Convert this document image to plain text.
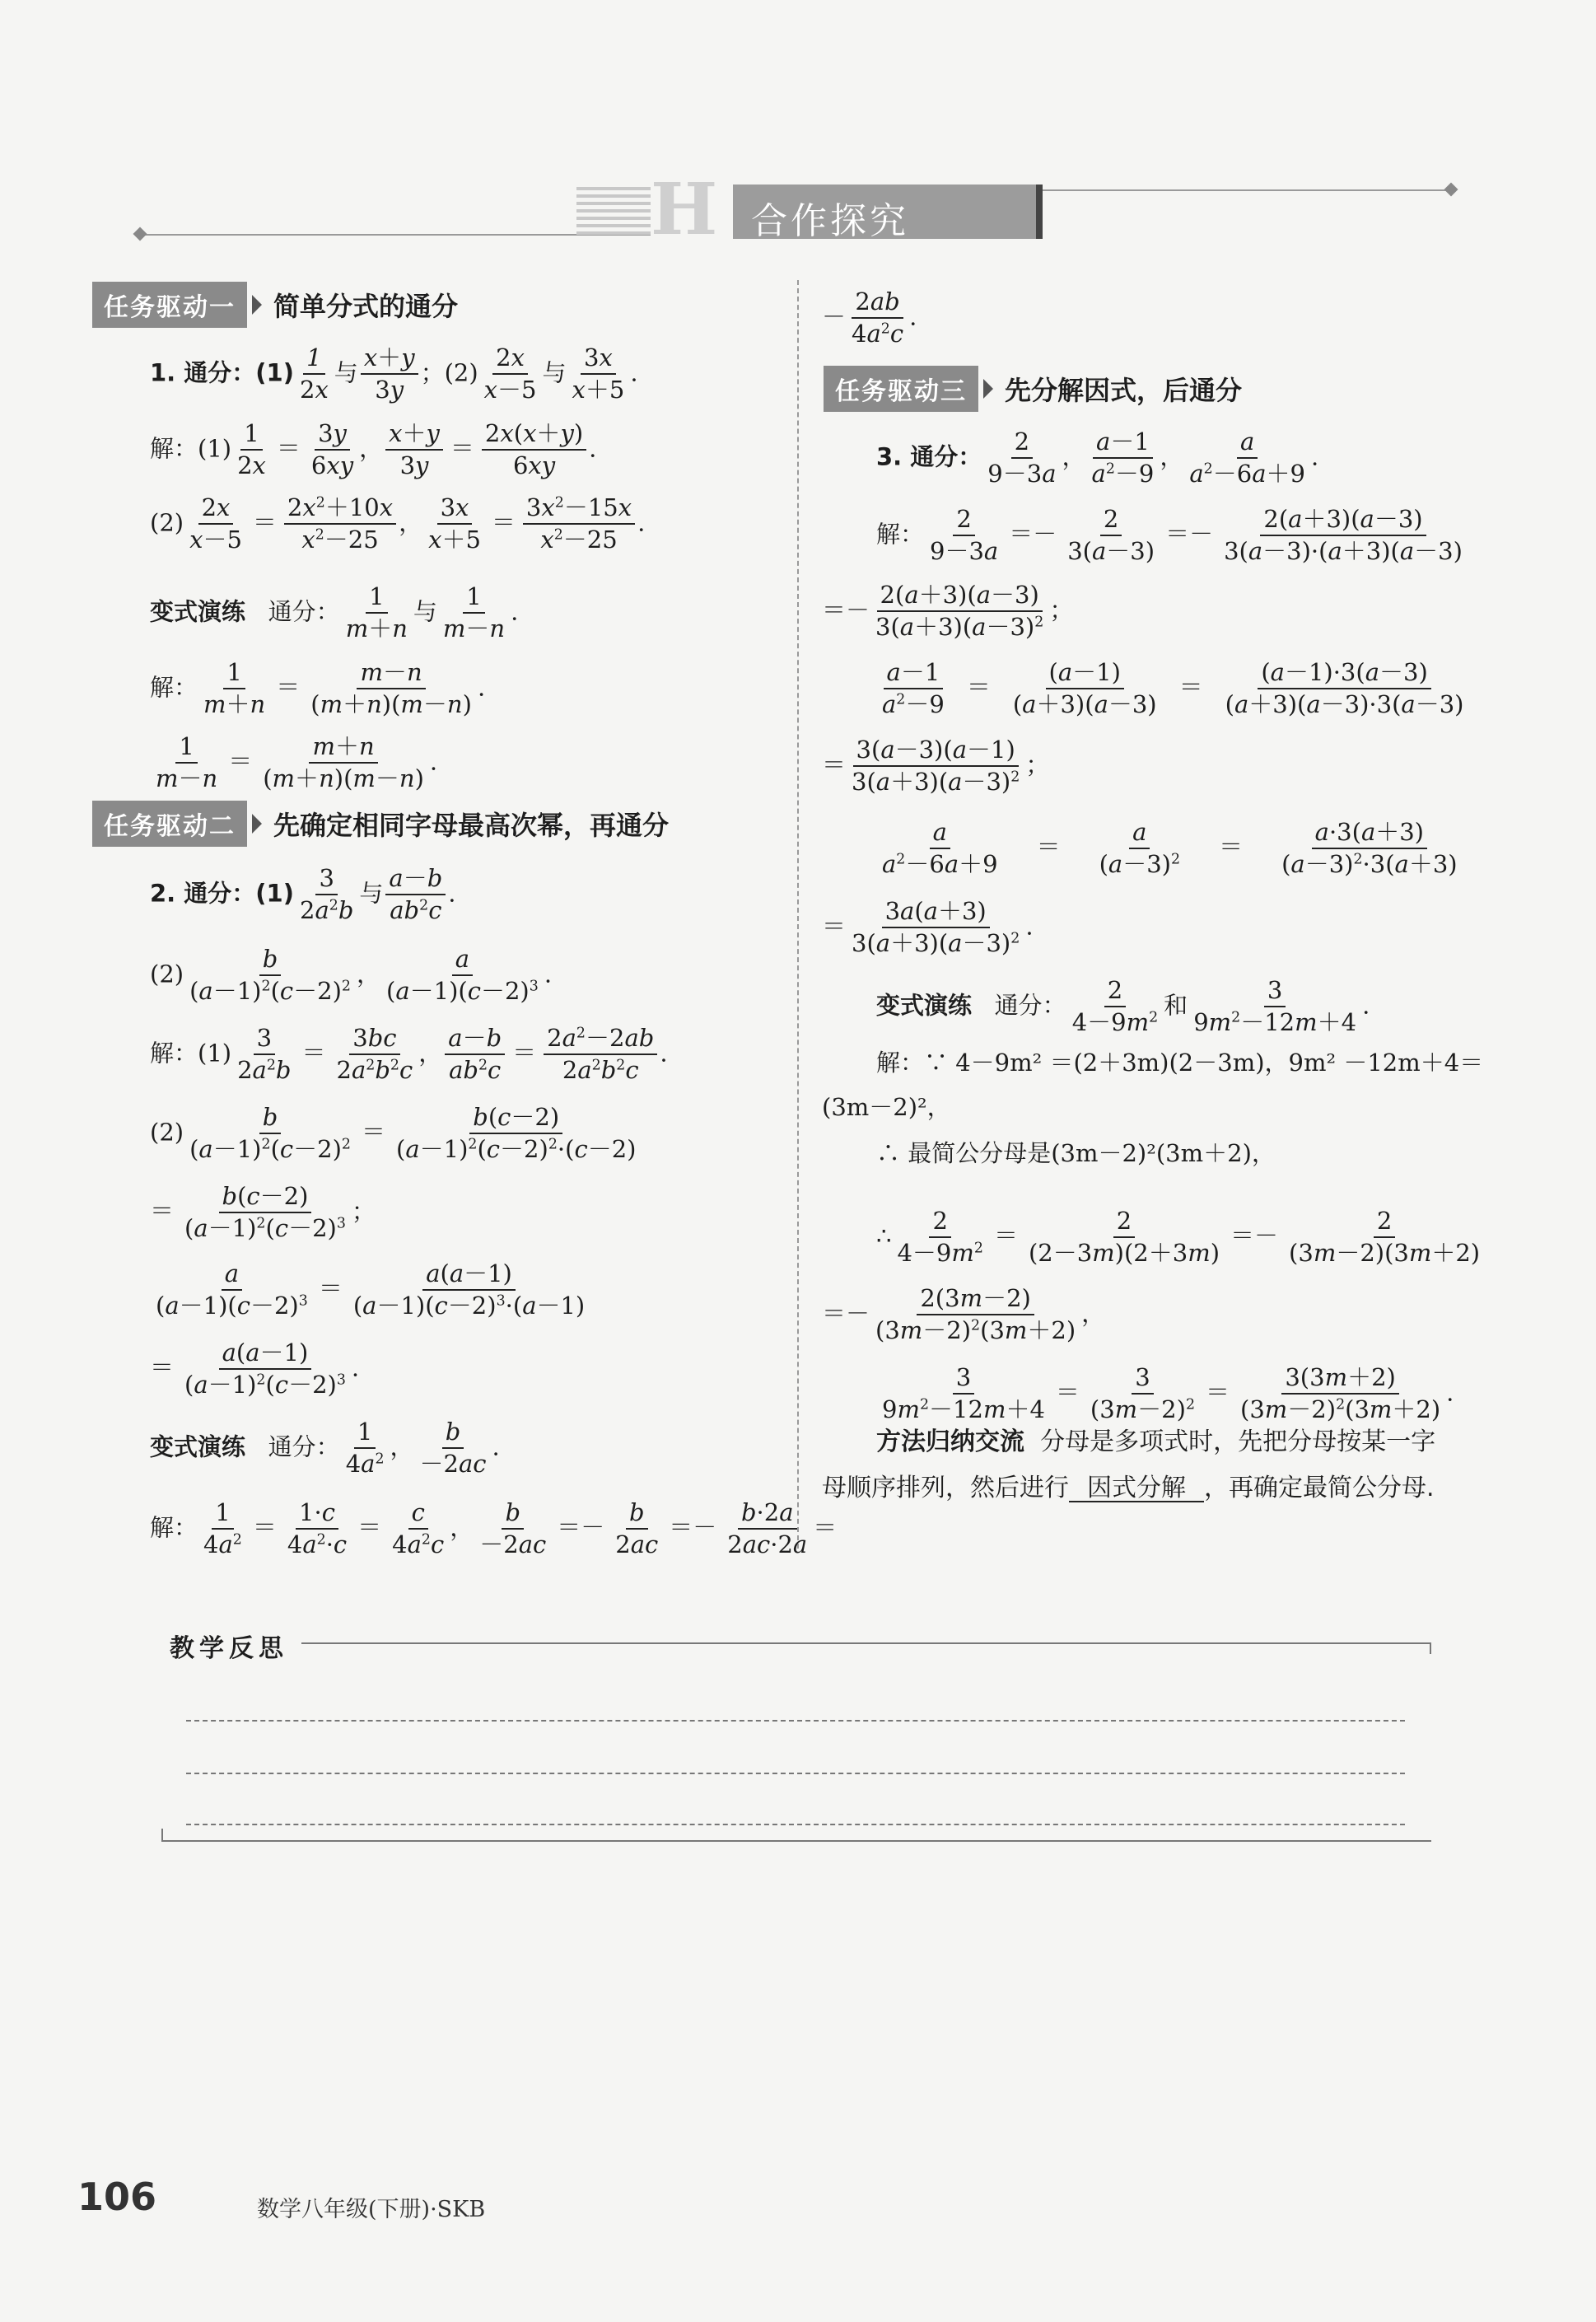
H 合作探究
任务驱动一	简单分式的通分
1. 通分：$(1) \frac{1}{2x}$ 与 $\frac{x+y}{3y}$ ；$(2) \frac{2x}{x-5}$ 与 $\frac{3x}{x+5}$ .
解：$(1) \frac{1}{2x} = \frac{3y}{6xy}$ ， $\frac{x+y}{3y} = \frac{2x(x+y)}{6xy}$ .
$(2) \frac{2x}{x-5} = \frac{2x^2+10x}{x^2-25}$ ， $\frac{3x}{x+5} = \frac{3x^2-15x}{x^2-25}$ .
变式演练 通分： $\frac{1}{m+n}$ 与 $\frac{1}{m-n}$ .
解： $\frac{1}{m+n} = \frac{m-n}{(m+n)(m-n)}$ .
$\frac{1}{m-n} = \frac{m+n}{(m+n)(m-n)}$ .
任务驱动二	先确定相同字母最高次幂，再通分
2. 通分：$(1) \frac{3}{2a^2b}$ 与 $\frac{a-b}{ab^2c}$ .
$(2) \frac{b}{(a-1)^2(c-2)^2}$ ， $\frac{a}{(a-1)(c-2)^3}$ .
解：$(1) \frac{3}{2a^2b} = \frac{3bc}{2a^2b^2c}$ ， $\frac{a-b}{ab^2c} = \frac{2a^2-2ab}{2a^2b^2c}$ .
$(2) \frac{b}{(a-1)^2(c-2)^2} = \frac{b(c-2)}{(a-1)^2(c-2)^2\cdot(c-2)}$
＝ $\frac{b(c-2)}{(a-1)^2(c-2)^3}$ ；
$\frac{a}{(a-1)(c-2)^3} = \frac{a(a-1)}{(a-1)(c-2)^3\cdot(a-1)}$
＝ $\frac{a(a-1)}{(a-1)^2(c-2)^3}$ .
变式演练 通分： $\frac{1}{4a^2}$ ， $\frac{b}{-2ac}$ .
解： $\frac{1}{4a^2} = \frac{1\cdot c}{4a^2\cdot c} = \frac{c}{4a^2c}$ ， $\frac{b}{-2ac} =- \frac{b}{2ac} =- \frac{b\cdot 2a}{2ac\cdot 2a}$ ＝
－ $\frac{2ab}{4a^2c}$ .
任务驱动三	先分解因式，后通分
3. 通分： $\frac{2}{9-3a}$ ， $\frac{a-1}{a^2-9}$ ， $\frac{a}{a^2-6a+9}$ .
解： $\frac{2}{9-3a} =- \frac{2}{3(a-3)} =- \frac{2(a+3)(a-3)}{3(a-3)\cdot(a+3)(a-3)}$
＝－ $\frac{2(a+3)(a-3)}{3(a+3)(a-3)^2}$ ；
$\frac{a-1}{a^2-9} = \frac{(a-1)}{(a+3)(a-3)} = \frac{(a-1)\cdot 3(a-3)}{(a+3)(a-3)\cdot 3(a-3)}$
＝ $\frac{3(a-3)(a-1)}{3(a+3)(a-3)^2}$ ；
$\frac{a}{a^2-6a+9} = \frac{a}{(a-3)^2} = \frac{a\cdot 3(a+3)}{(a-3)^2\cdot 3(a+3)}$
＝ $\frac{3a(a+3)}{3(a+3)(a-3)^2}$ .
变式演练 通分： $\frac{2}{4-9m^2}$ 和 $\frac{3}{9m^2-12m+4}$ .
解：∵ 4－9m² ＝(2＋3m)(2－3m)，9m² －12m＋4＝
(3m－2)²，
∴ 最简公分母是(3m－2)²(3m＋2)，
∴ $\frac{2}{4-9m^2} = \frac{2}{(2-3m)(2+3m)} =- \frac{2}{(3m-2)(3m+2)}$
＝－ $\frac{2(3m-2)}{(3m-2)^2(3m+2)}$ ，
$\frac{3}{9m^2-12m+4} = \frac{3}{(3m-2)^2} = \frac{3(3m+2)}{(3m-2)^2(3m+2)}$ .
方法归纳交流 分母是多项式时，先把分母按某一字
母顺序排列，然后进行 因式分解 ，再确定最简公分母.
教学反思
106	数学八年级(下册)·SKB
